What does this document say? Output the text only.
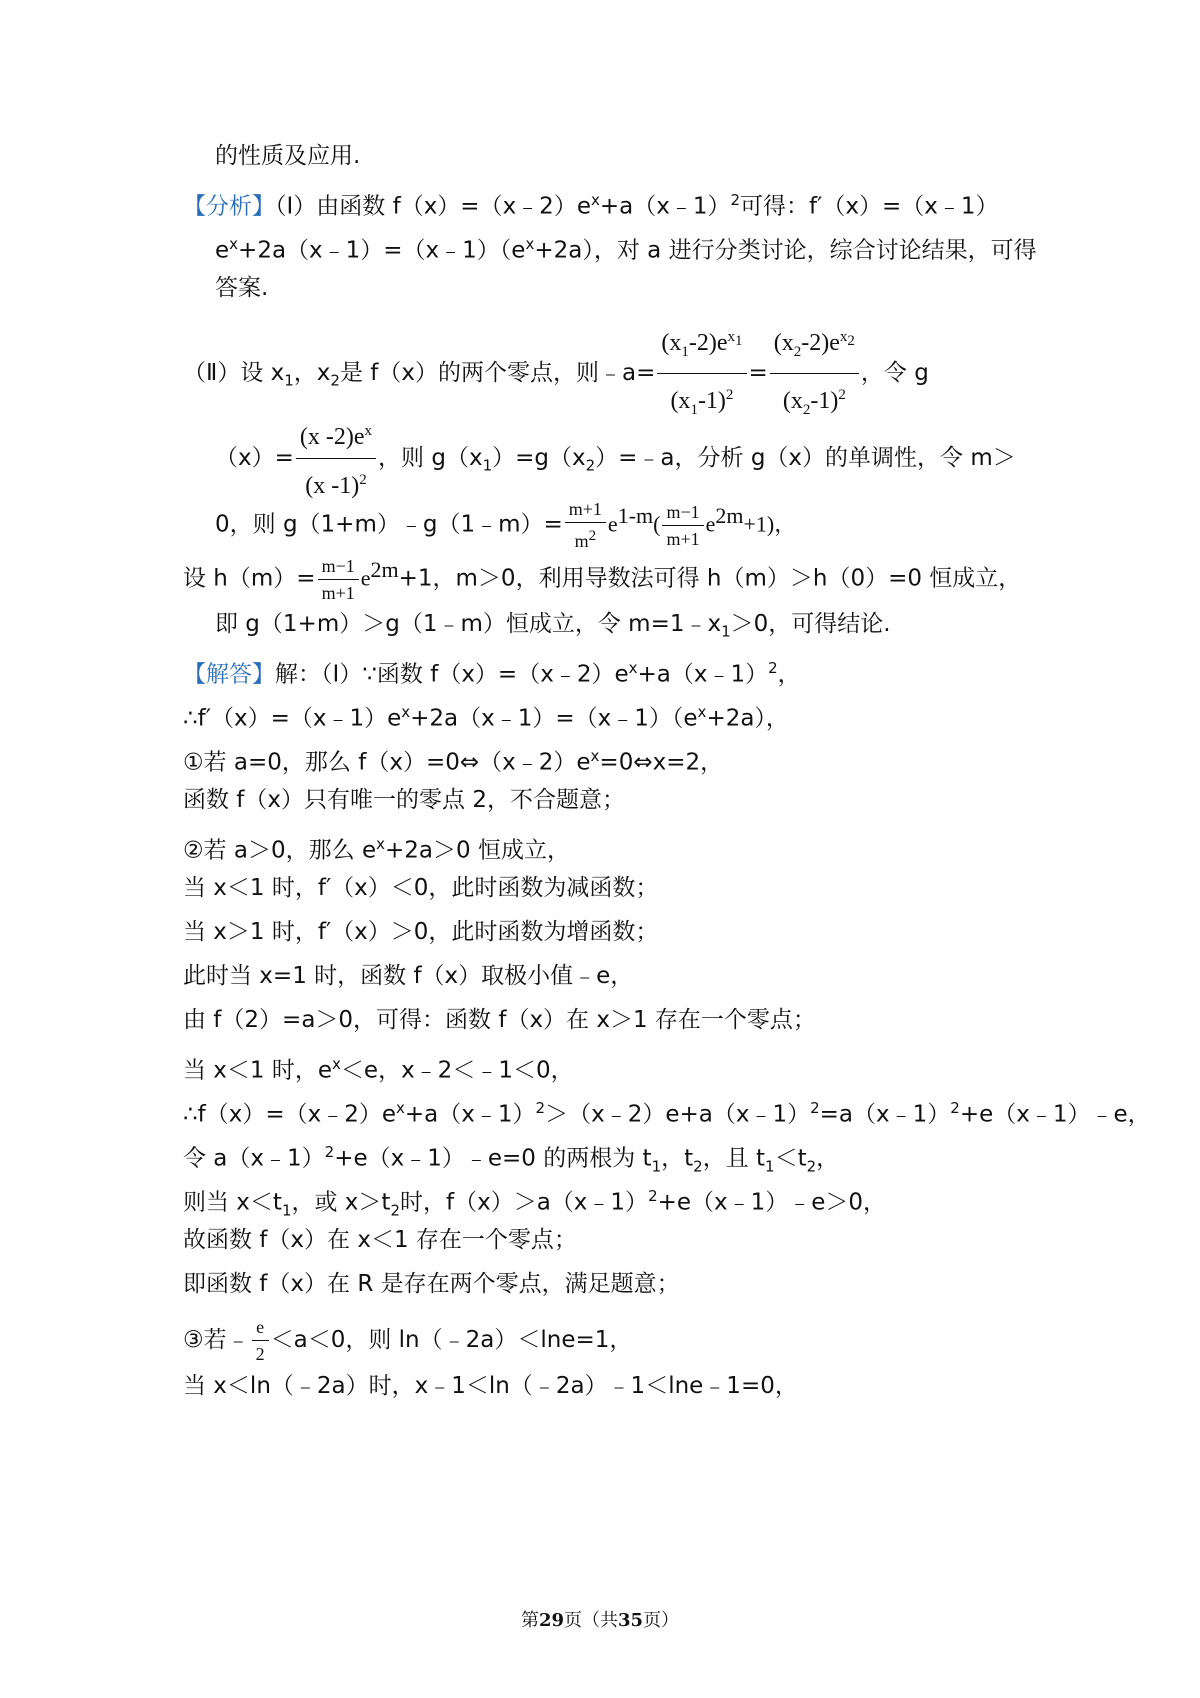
的性质及应用.
【分析】（Ⅰ）由函数 $f(x)=(x﹣2)e^x+a(x﹣1)^2$可得：f′（x）=（x﹣1）
$e^x+2a(x﹣1)=(x﹣1)(e^x+2a)$，对 a 进行分类讨论，综合讨论结果，可得
答案.
（Ⅱ）设 $x_1$，$x_2$是 f（x）的两个零点，则﹣a= $\frac{(x_1-2)e^{x_1}}{(x_1-1)^2} = \frac{(x_2-2)e^{x_2}}{(x_2-1)^2}$ ，令 g
$(x)= \frac{(x -2)e^x}{(x -1)^2}$ ，则 $g(x_1)=g(x_2)=﹣a$，分析 g（x）的单调性，令 m＞
0，则 g（1+m）﹣g（1﹣m）= $\frac{m+1}{m^2} e^{1-m}( \frac{m-1}{m+1} e^{2m}+1)$，
设 $h(m)= \frac{m-1}{m+1} e^{2m}+1$，m＞0，利用导数法可得 h（m）＞h（0）=0 恒成立，
即 g（1+m）＞g（1﹣m）恒成立，令 $m=1﹣x_1>0$，可得结论.
【解答】解：（Ⅰ）∵函数 $f(x)=(x﹣2)e^x+a(x﹣1)^2$，
$\therefore f'(x)=(x﹣1)e^x+2a(x﹣1)=(x﹣1)(e^x+2a)$，
①若 a=0，那么 $f(x)=0\Leftrightarrow(x﹣2)e^x=0\Leftrightarrow x=2$，
函数 f（x）只有唯一的零点 2，不合题意；
②若 a＞0，那么 $e^x+2a>0$ 恒成立，
当 x＜1 时，f′（x）＜0，此时函数为减函数；
当 x＞1 时，f′（x）＞0，此时函数为增函数；
此时当 x=1 时，函数 f（x）取极小值﹣e，
由 f（2）=a＞0，可得：函数 f（x）在 x＞1 存在一个零点；
当 x＜1 时，$e^x<e$，x﹣2＜﹣1＜0，
$\therefore f(x)=(x﹣2)e^x+a(x﹣1)^2>(x﹣2)e+a(x﹣1)^2=a(x﹣1)^2+e(x﹣1)﹣e$，
令 a（x﹣1）$^2$+e（x﹣1）﹣e=0 的两根为 $t_1$，$t_2$，且 $t_1<t_2$，
则当 $x<t_1$，或 $x>t_2$时，f（x）＞a（x﹣1）$^2$+e（x﹣1）﹣e＞0，
故函数 f（x）在 x＜1 存在一个零点；
即函数 f（x）在 R 是存在两个零点，满足题意；
③若﹣ $\frac{e}{2} <a<0$，则 ln（﹣2a）＜lne=1，
当 x＜ln（﹣2a）时，x﹣1＜ln（﹣2a）﹣1＜lne﹣1=0，
第29页（共35页）
